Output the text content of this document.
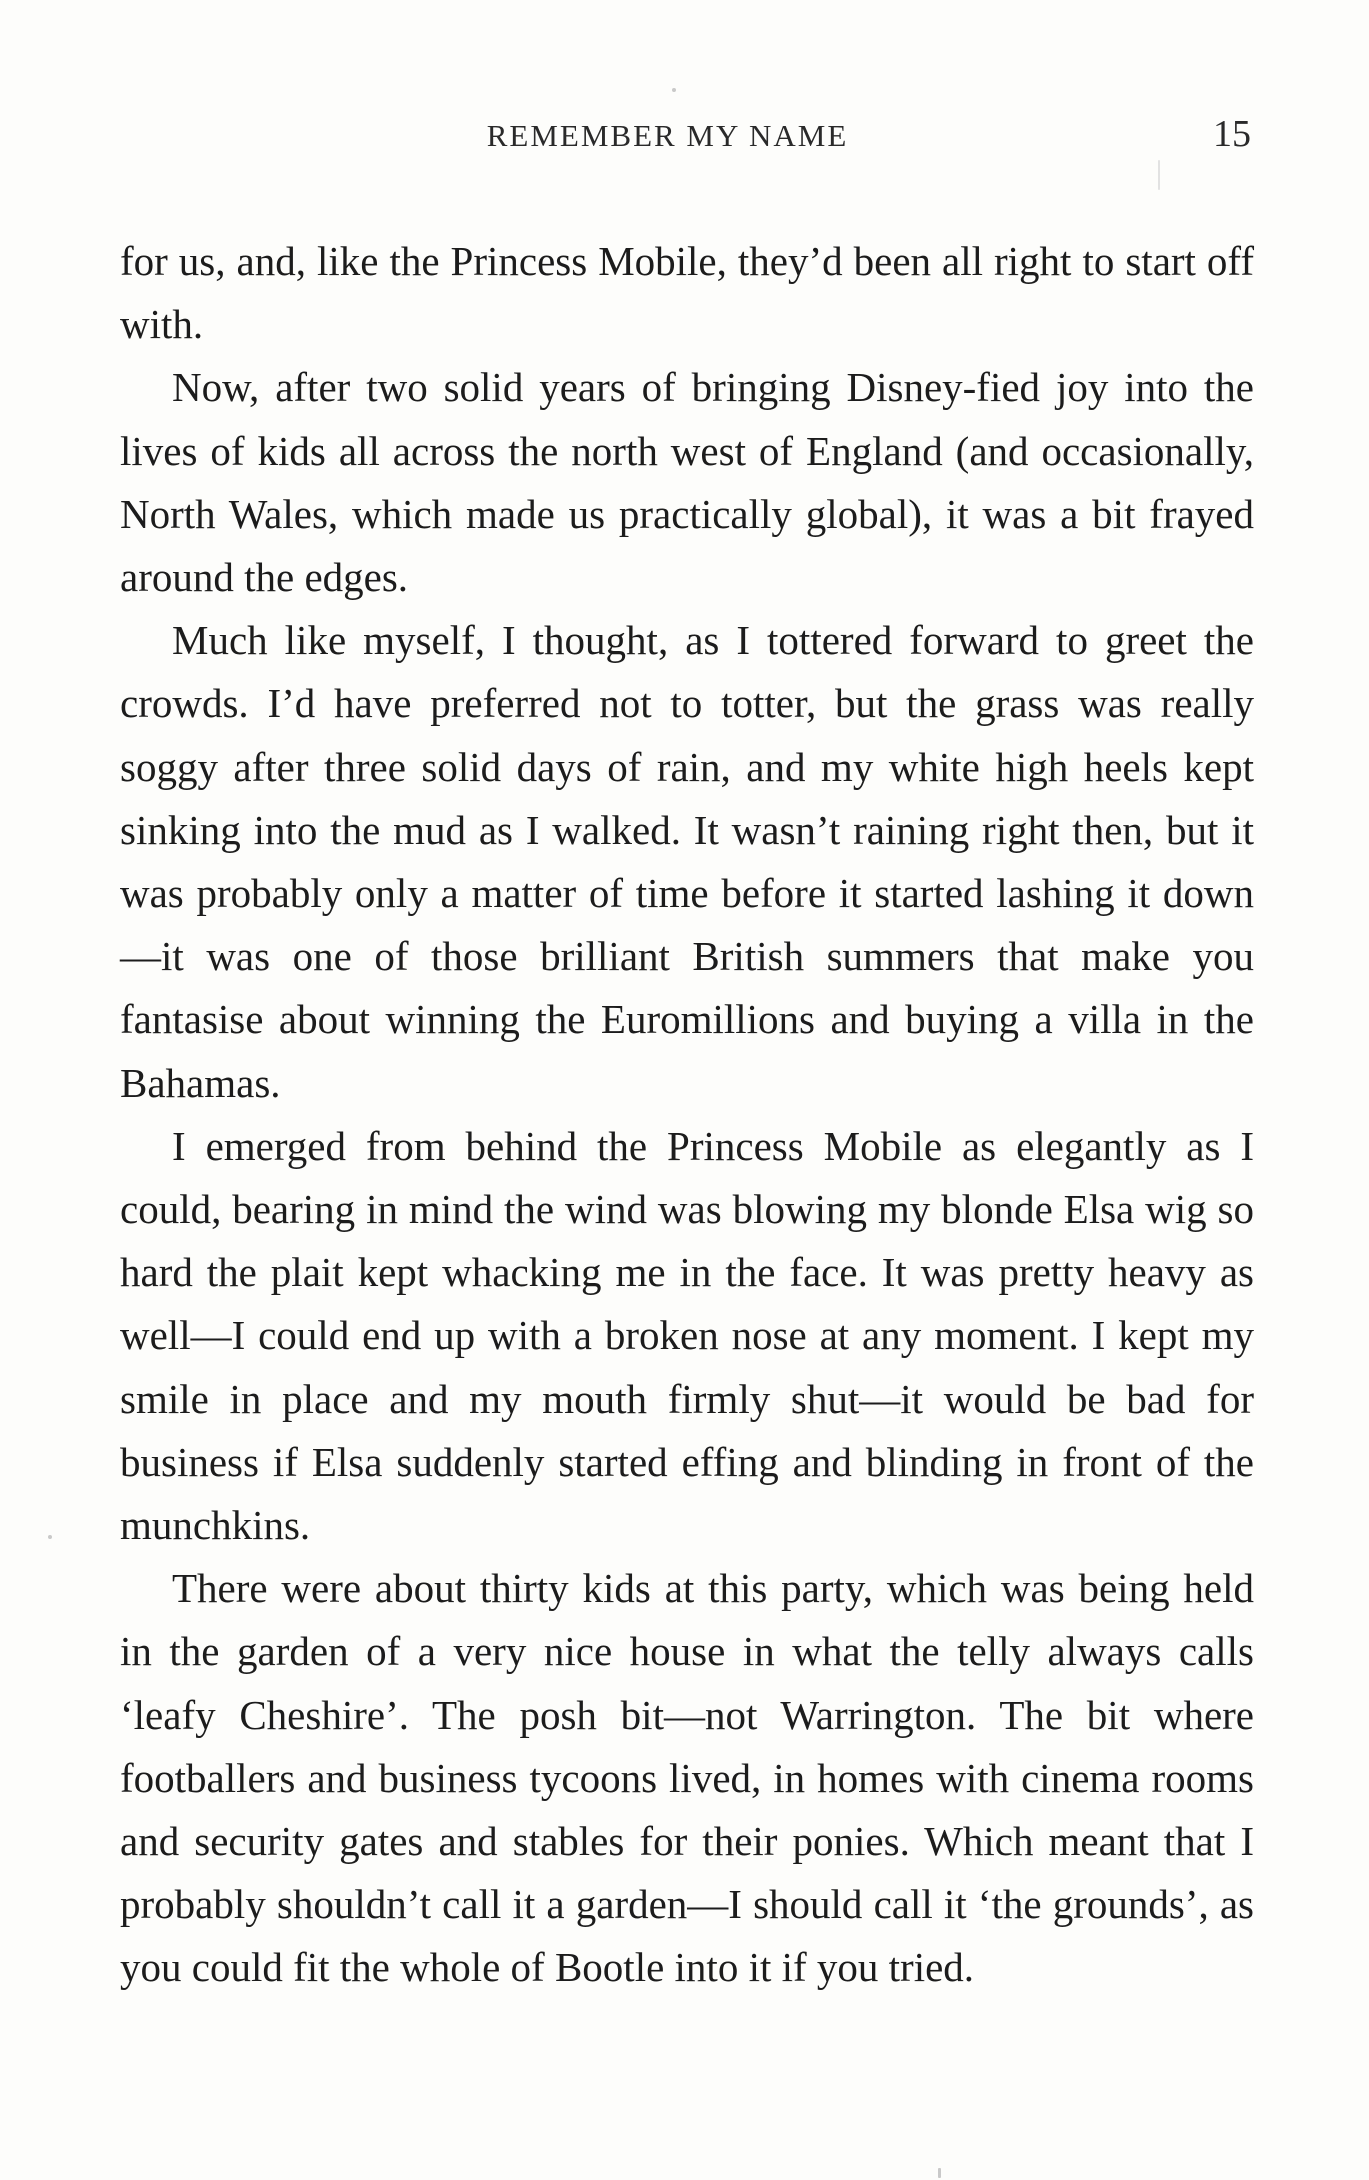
REMEMBER MY NAME	15

for us, and, like the Princess Mobile, they’d been all right to start off with.

Now, after two solid years of bringing Disney-fied joy into the lives of kids all across the north west of England (and occasionally, North Wales, which made us practically global), it was a bit frayed around the edges.

Much like myself, I thought, as I tottered forward to greet the crowds. I’d have preferred not to totter, but the grass was really soggy after three solid days of rain, and my white high heels kept sinking into the mud as I walked. It wasn’t raining right then, but it was probably only a matter of time before it started lashing it down—it was one of those brilliant British summers that make you fantasise about winning the Euromillions and buying a villa in the Bahamas.

I emerged from behind the Princess Mobile as elegantly as I could, bearing in mind the wind was blowing my blonde Elsa wig so hard the plait kept whacking me in the face. It was pretty heavy as well—I could end up with a broken nose at any moment. I kept my smile in place and my mouth firmly shut—it would be bad for business if Elsa suddenly started effing and blinding in front of the munchkins.

There were about thirty kids at this party, which was being held in the garden of a very nice house in what the telly always calls ‘leafy Cheshire’. The posh bit—not Warrington. The bit where footballers and business tycoons lived, in homes with cinema rooms and security gates and stables for their ponies. Which meant that I probably shouldn’t call it a garden—I should call it ‘the grounds’, as you could fit the whole of Bootle into it if you tried.
